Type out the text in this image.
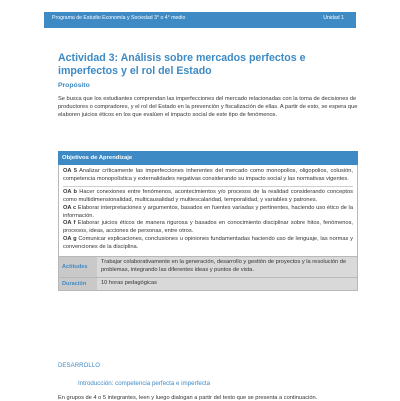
Programa de Estudio Economía y Sociedad 3° o 4° medio	Unidad 1
Actividad 3: Análisis sobre mercados perfectos e imperfectos y el rol del Estado
Propósito
Se busca que los estudiantes comprendan las imperfecciones del mercado relacionadas con la toma de decisiones de productores o compradores, y el rol del Estado en la prevención y fiscalización de ellas. A partir de esto, se espera que elaboren juicios éticos en los que evalúen el impacto social de este tipo de fenómenos.
Objetivos de Aprendizaje
OA 5 Analizar críticamente las imperfecciones inherentes del mercado como monopolios, oligopolios, colusión, competencia monopolística y externalidades negativas considerando su impacto social y las normativas vigentes.
OA b Hacer conexiones entre fenómenos, acontecimientos y/o procesos de la realidad considerando conceptos como multidimensionalidad, multicausalidad y multiescalaridad, temporalidad, y variables y patrones.
OA c Elaborar interpretaciones y argumentos, basados en fuentes variadas y pertinentes, haciendo uso ético de la información.
OA f Elaborar juicios éticos de manera rigurosa y basados en conocimiento disciplinar sobre hitos, fenómenos, procesos, ideas, acciones de personas, entre otros.
OA g Comunicar explicaciones, conclusiones u opiniones fundamentadas haciendo uso de lenguaje, las normas y convenciones de la disciplina.
Actitudes
Trabajar colaborativamente en la generación, desarrollo y gestión de proyectos y la resolución de problemas, integrando las diferentes ideas y puntos de vista.
Duración	10 horas pedagógicas
DESARROLLO
Introducción: competencia perfecta e imperfecta
En grupos de 4 o 5 integrantes, leen y luego dialogan a partir del texto que se presenta a continuación.
